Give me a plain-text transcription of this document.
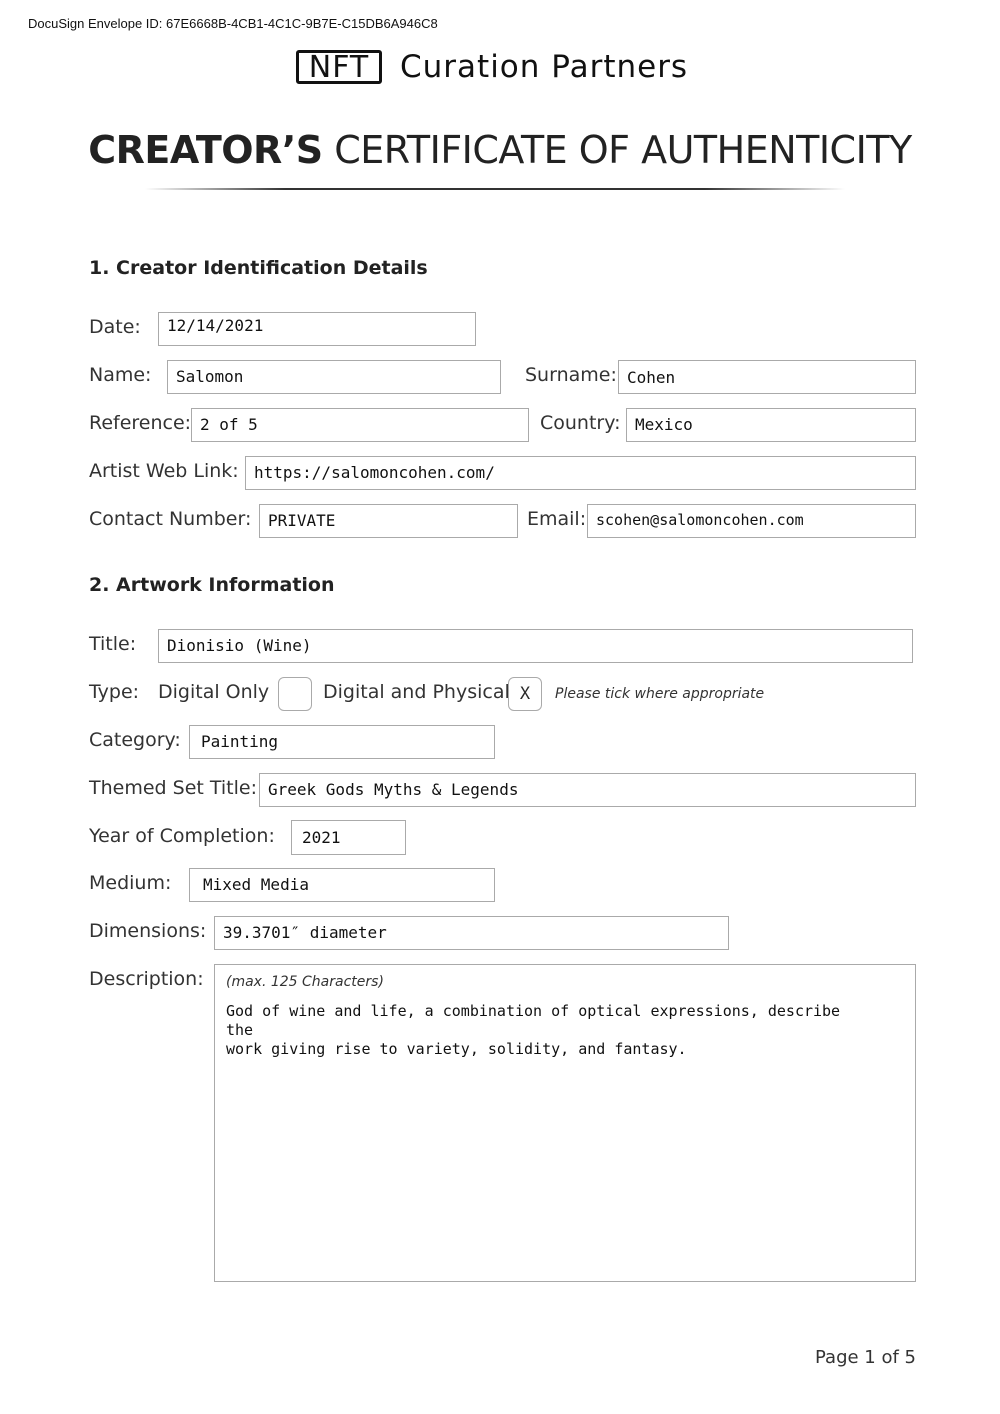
DocuSign Envelope ID: 67E6668B-4CB1-4C1C-9B7E-C15DB6A946C8
NFT Curation Partners
CREATOR’S CERTIFICATE OF AUTHENTICITY
1. Creator Identification Details
Date:	12/14/2021
Name:	Salomon	Surname: Cohen
Reference: 2 of 5	Country: Mexico
Artist Web Link: https://salomoncohen.com/
Contact Number:	PRIVATE	Email: scohen@salomoncohen.com
2. Artwork Information
Title:	Dionisio (Wine)
Type: Digital Only	Digital and Physical X	Please tick where appropriate
Category:	Painting
Themed Set Title: Greek Gods Myths & Legends
Year of Completion:	2021
Medium:	Mixed Media
Dimensions:	39.3701″ diameter
Description: (max. 125 Characters)
God of wine and life, a combination of optical expressions, describe the
work giving rise to variety, solidity, and fantasy.
Page 1 of 5
